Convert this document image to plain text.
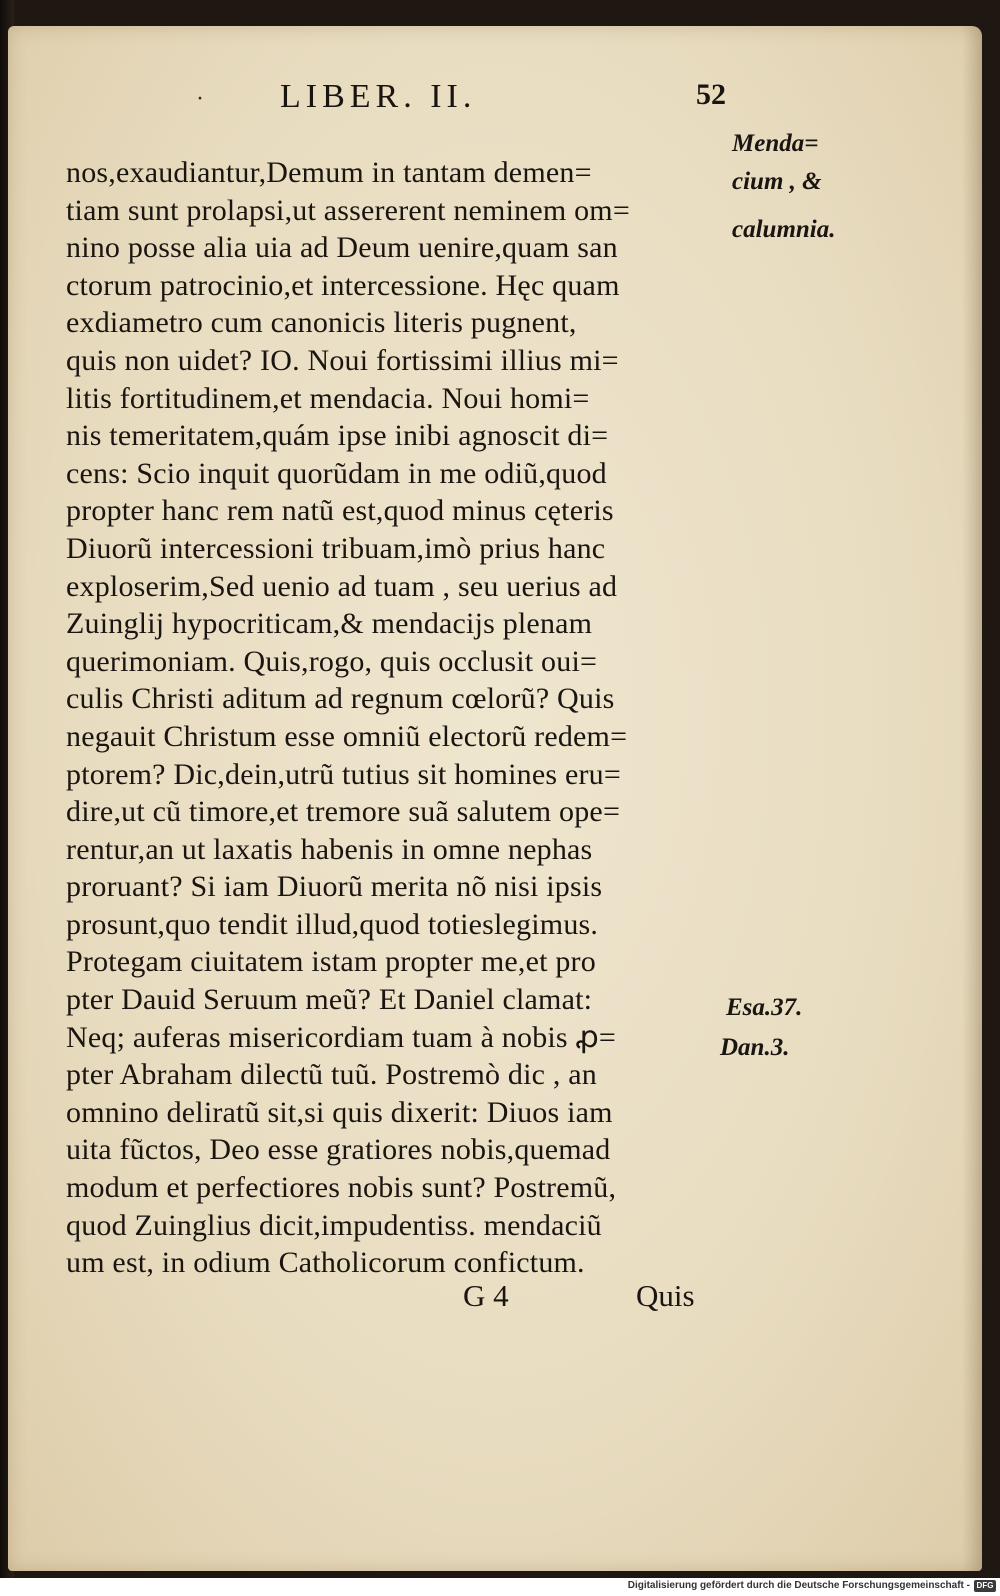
· LIBER. II.	52
nos,exaudiantur,Demum in tantam demen=
tiam sunt prolapsi,ut assererent neminem om=
nino posse alia uia ad Deum uenire,quam san
ctorum patrocinio,et intercessione. Hęc quam
exdiametro cum canonicis literis pugnent,
quis non uidet? IO. Noui fortissimi illius mi=
litis fortitudinem,et mendacia. Noui homi=
nis temeritatem,quám ipse inibi agnoscit di=
cens: Scio inquit quorũdam in me odiũ,quod
propter hanc rem natũ est,quod minus cęteris
Diuorũ intercessioni tribuam,imò prius hanc
exploserim,Sed uenio ad tuam , seu uerius ad
Zuinglij hypocriticam,& mendacijs plenam
querimoniam. Quis,rogo, quis occlusit oui=
culis Christi aditum ad regnum cœlorũ? Quis
negauit Christum esse omniũ electorũ redem=
ptorem? Dic,dein,utrũ tutius sit homines eru=
dire,ut cũ timore,et tremore suã salutem ope=
rentur,an ut laxatis habenis in omne nephas
proruant? Si iam Diuorũ merita nõ nisi ipsis
prosunt,quo tendit illud,quod totieslegimus.
Protegam ciuitatem istam propter me,et pro
pter Dauid Seruum meũ? Et Daniel clamat:
Neq; auferas misericordiam tuam à nobis ꝓ=
pter Abraham dilectũ tuũ. Postremò dic , an
omnino deliratũ sit,si quis dixerit: Diuos iam
uita fũctos, Deo esse gratiores nobis,quemad
modum et perfectiores nobis sunt? Postremũ,
quod Zuinglius dicit,impudentiss. mendaciũ
um est, in odium Catholicorum confictum.
Menda=
cium , &
calumnia.
Esa.37.
Dan.3.
G 4	Quis
Digitalisierung gefördert durch die Deutsche Forschungsgemeinschaft - DFG
